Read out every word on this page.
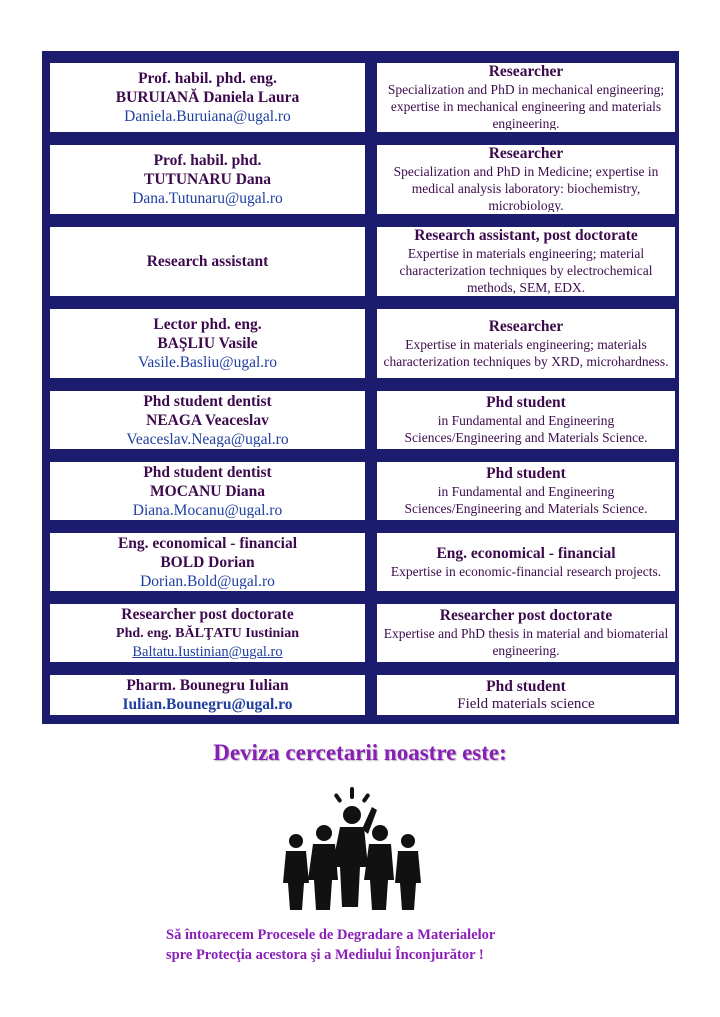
Prof. habil. phd. eng.
BURUIANĂ Daniela Laura
Daniela.Buruiana@ugal.ro
Researcher
Specialization and PhD in mechanical engineering; expertise in mechanical engineering and materials engineering.
Prof. habil. phd.
TUTUNARU Dana
Dana.Tutunaru@ugal.ro
Researcher
Specialization and PhD in Medicine; expertise in medical analysis laboratory: biochemistry, microbiology.
Research assistant
Research assistant, post doctorate
Expertise in materials engineering; material characterization techniques by electrochemical methods, SEM, EDX.
Lector phd. eng.
BAŞLIU Vasile
Vasile.Basliu@ugal.ro
Researcher
Expertise in materials engineering; materials characterization techniques by XRD, microhardness.
Phd student dentist
NEAGA Veaceslav
Veaceslav.Neaga@ugal.ro
Phd student
in Fundamental and Engineering Sciences/Engineering and Materials Science.
Phd student dentist
MOCANU Diana
Diana.Mocanu@ugal.ro
Phd student
in Fundamental and Engineering Sciences/Engineering and Materials Science.
Eng. economical - financial
BOLD Dorian
Dorian.Bold@ugal.ro
Eng. economical - financial
Expertise in economic-financial research projects.
Researcher post doctorate
Phd. eng. BĂLŢATU Iustinian
Baltatu.Iustinian@ugal.ro
Researcher post doctorate
Expertise and PhD thesis in material and biomaterial engineering.
Pharm. Bounegru Iulian
Iulian.Bounegru@ugal.ro
Phd student
Field materials science
Deviza cercetarii noastre este:
Să întoarecem Procesele de Degradare a Materialelor
spre Protecţia acestora şi a Mediului Înconjurător !
